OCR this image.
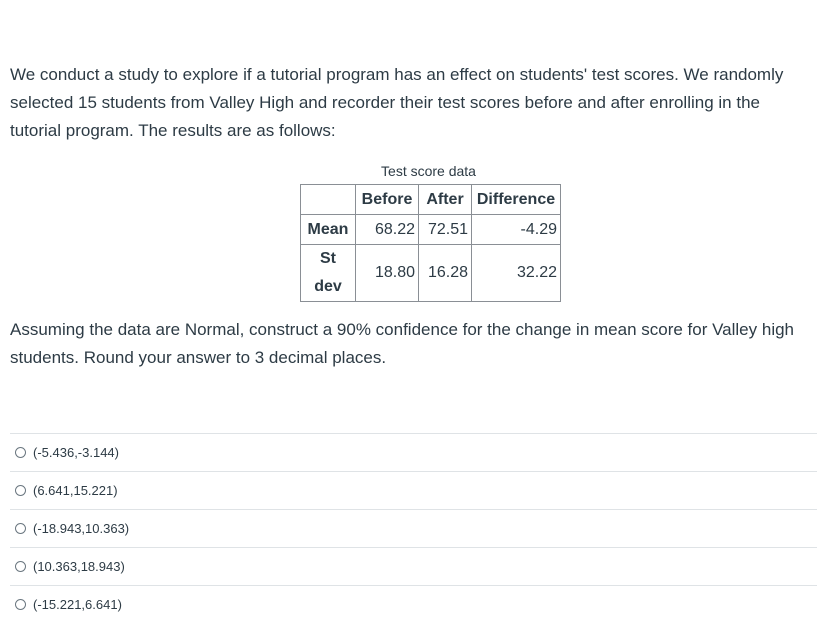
We conduct a study to explore if a tutorial program has an effect on students' test scores. We randomly selected 15 students from Valley High and recorder their test scores before and after enrolling in the tutorial program. The results are as follows:

Test score data
	Before	After	Difference
Mean	68.22	72.51	-4.29
St
dev	18.80	16.28	32.22

Assuming the data are Normal, construct a 90% confidence for the change in mean score for Valley high students. Round your answer to 3 decimal places.

(-5.436,-3.144)
(6.641,15.221)
(-18.943,10.363)
(10.363,18.943)
(-15.221,6.641)
